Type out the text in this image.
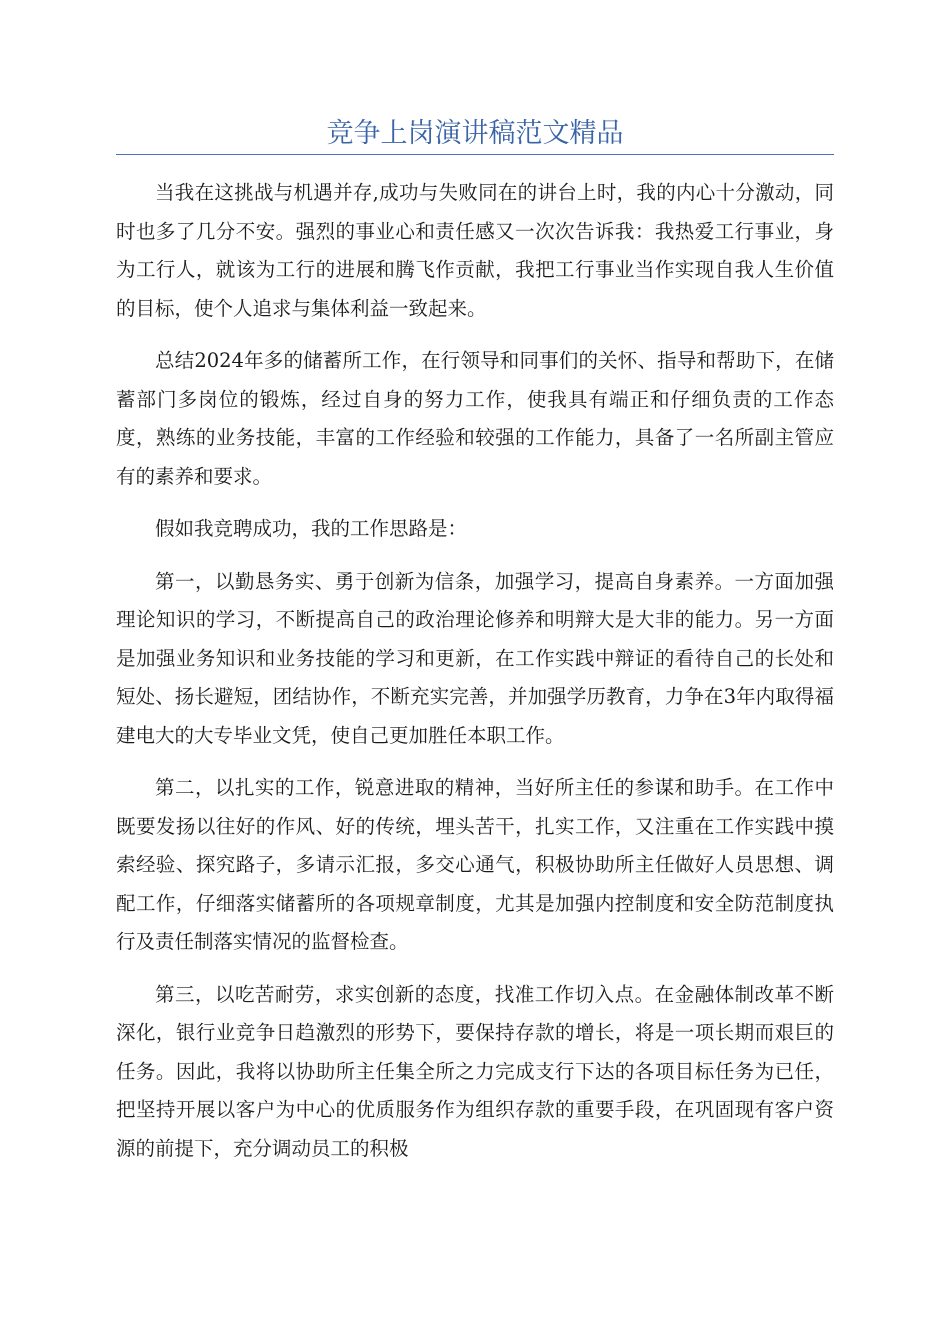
竞争上岗演讲稿范文精品

当我在这挑战与机遇并存,成功与失败同在的讲台上时，我的内心十分激动，同时也多了几分不安。强烈的事业心和责任感又一次次告诉我：我热爱工行事业，身为工行人，就该为工行的进展和腾飞作贡献，我把工行事业当作实现自我人生价值的目标，使个人追求与集体利益一致起来。

总结2024年多的储蓄所工作，在行领导和同事们的关怀、指导和帮助下，在储蓄部门多岗位的锻炼，经过自身的努力工作，使我具有端正和仔细负责的工作态度，熟练的业务技能，丰富的工作经验和较强的工作能力，具备了一名所副主管应有的素养和要求。

假如我竞聘成功，我的工作思路是：

第一，以勤恳务实、勇于创新为信条，加强学习，提高自身素养。一方面加强理论知识的学习，不断提高自己的政治理论修养和明辩大是大非的能力。另一方面是加强业务知识和业务技能的学习和更新，在工作实践中辩证的看待自己的长处和短处、扬长避短，团结协作，不断充实完善，并加强学历教育，力争在3年内取得福建电大的大专毕业文凭，使自己更加胜任本职工作。

第二，以扎实的工作，锐意进取的精神，当好所主任的参谋和助手。在工作中既要发扬以往好的作风、好的传统，埋头苦干，扎实工作，又注重在工作实践中摸索经验、探究路子，多请示汇报，多交心通气，积极协助所主任做好人员思想、调配工作，仔细落实储蓄所的各项规章制度，尤其是加强内控制度和安全防范制度执行及责任制落实情况的监督检查。

第三，以吃苦耐劳，求实创新的态度，找准工作切入点。在金融体制改革不断深化，银行业竞争日趋激烈的形势下，要保持存款的增长，将是一项长期而艰巨的任务。因此，我将以协助所主任集全所之力完成支行下达的各项目标任务为已任，把坚持开展以客户为中心的优质服务作为组织存款的重要手段，在巩固现有客户资源的前提下，充分调动员工的积极
